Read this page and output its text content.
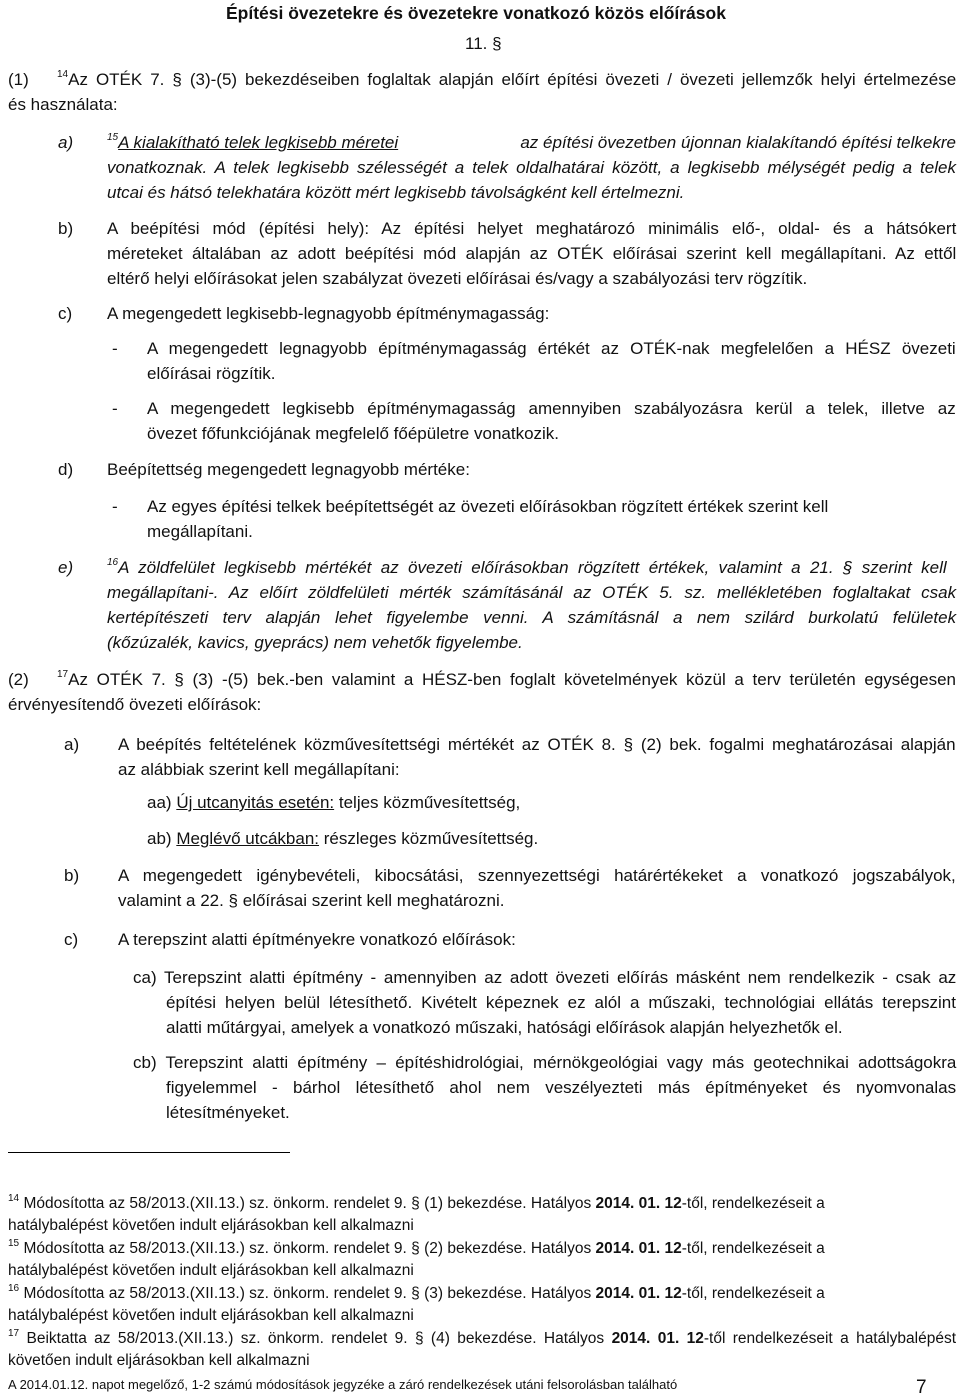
Építési övezetekre és övezetekre vonatkozó közös előírások
11. §
(1)	$^{14}$Az OTÉK 7. § (3)-(5) bekezdéseiben foglaltak alapján előírt építési övezeti / övezeti jellemzők helyi értelmezése
és használata:
a)	$^{15}$A kialakítható telek legkisebb méretei	az építési övezetben újonnan kialakítandó építési telkekre
vonatkoznak. A telek legkisebb szélességét a telek oldalhatárai között, a legkisebb mélységét pedig a telek
utcai és hátsó telekhatára között mért legkisebb távolságként kell értelmezni.
b) A beépítési mód (építési hely): Az építési helyet meghatározó minimális elő-, oldal- és a hátsókert
méreteket általában az adott beépítési mód alapján az OTÉK előírásai szerint kell megállapítani. Az ettől
eltérő helyi előírásokat jelen szabályzat övezeti előírásai és/vagy a szabályozási terv rögzítik.
c) A megengedett legkisebb-legnagyobb építménymagasság:
- A megengedett legnagyobb építménymagasság értékét az OTÉK-nak megfelelően a HÉSZ övezeti
előírásai rögzítik.
- A megengedett legkisebb építménymagasság amennyiben szabályozásra kerül a telek, illetve az
övezet főfunkciójának megfelelő főépületre vonatkozik.
d) Beépítettség megengedett legnagyobb mértéke:
- Az egyes építési telkek beépítettségét az övezeti előírásokban rögzített értékek szerint kell
megállapítani.
e)	$^{16}$A zöldfelület legkisebb mértékét az övezeti előírásokban rögzített értékek, valamint a 21. § szerint kell
megállapítani-. Az előírt zöldfelületi mérték számításánál az OTÉK 5. sz. mellékletében foglaltakat csak
kertépítészeti terv alapján lehet figyelembe venni. A számításnál a nem szilárd burkolatú felületek
(kőzúzalék, kavics, gyeprács) nem vehetők figyelembe.
(2)	$^{17}$Az OTÉK 7. § (3) -(5) bek.-ben valamint a HÉSZ-ben foglalt követelmények közül a terv területén egységesen
érvényesítendő övezeti előírások:
a) A beépítés feltételének közművesítettségi mértékét az OTÉK 8. § (2) bek. fogalmi meghatározásai alapján
az alábbiak szerint kell megállapítani:
aa) Új utcanyitás esetén: teljes közművesítettség,
ab) Meglévő utcákban: részleges közművesítettség.
b) A megengedett igénybevételi, kibocsátási, szennyezettségi határértékeket a vonatkozó jogszabályok,
valamint a 22. § előírásai szerint kell meghatározni.
c) A terepszint alatti építményekre vonatkozó előírások:
ca) Terepszint alatti építmény - amennyiben az adott övezeti előírás másként nem rendelkezik - csak az
építési helyen belül létesíthető. Kivételt képeznek ez alól a műszaki, technológiai ellátás terepszint
alatti műtárgyai, amelyek a vonatkozó műszaki, hatósági előírások alapján helyezhetők el.
cb) Terepszint alatti építmény – építéshidrológiai, mérnökgeológiai vagy más geotechnikai adottságokra
figyelemmel - bárhol létesíthető ahol nem veszélyezteti más építményeket és nyomvonalas
létesítményeket.
$^{14}$ Módosította az 58/2013.(XII.13.) sz. önkorm. rendelet 9. § (1) bekezdése. Hatályos 2014. 01. 12-től, rendelkezéseit a
hatálybalépést követően indult eljárásokban kell alkalmazni
$^{15}$ Módosította az 58/2013.(XII.13.) sz. önkorm. rendelet 9. § (2) bekezdése. Hatályos 2014. 01. 12-től, rendelkezéseit a
hatálybalépést követően indult eljárásokban kell alkalmazni
$^{16}$ Módosította az 58/2013.(XII.13.) sz. önkorm. rendelet 9. § (3) bekezdése. Hatályos 2014. 01. 12-től, rendelkezéseit a
hatálybalépést követően indult eljárásokban kell alkalmazni
$^{17}$ Beiktatta az 58/2013.(XII.13.) sz. önkorm. rendelet 9. § (4) bekezdése. Hatályos 2014. 01. 12-től rendelkezéseit a hatálybalépést
követően indult eljárásokban kell alkalmazni
A 2014.01.12. napot megelőző, 1-2 számú módosítások jegyzéke a záró rendelkezések utáni felsorolásban található	7
